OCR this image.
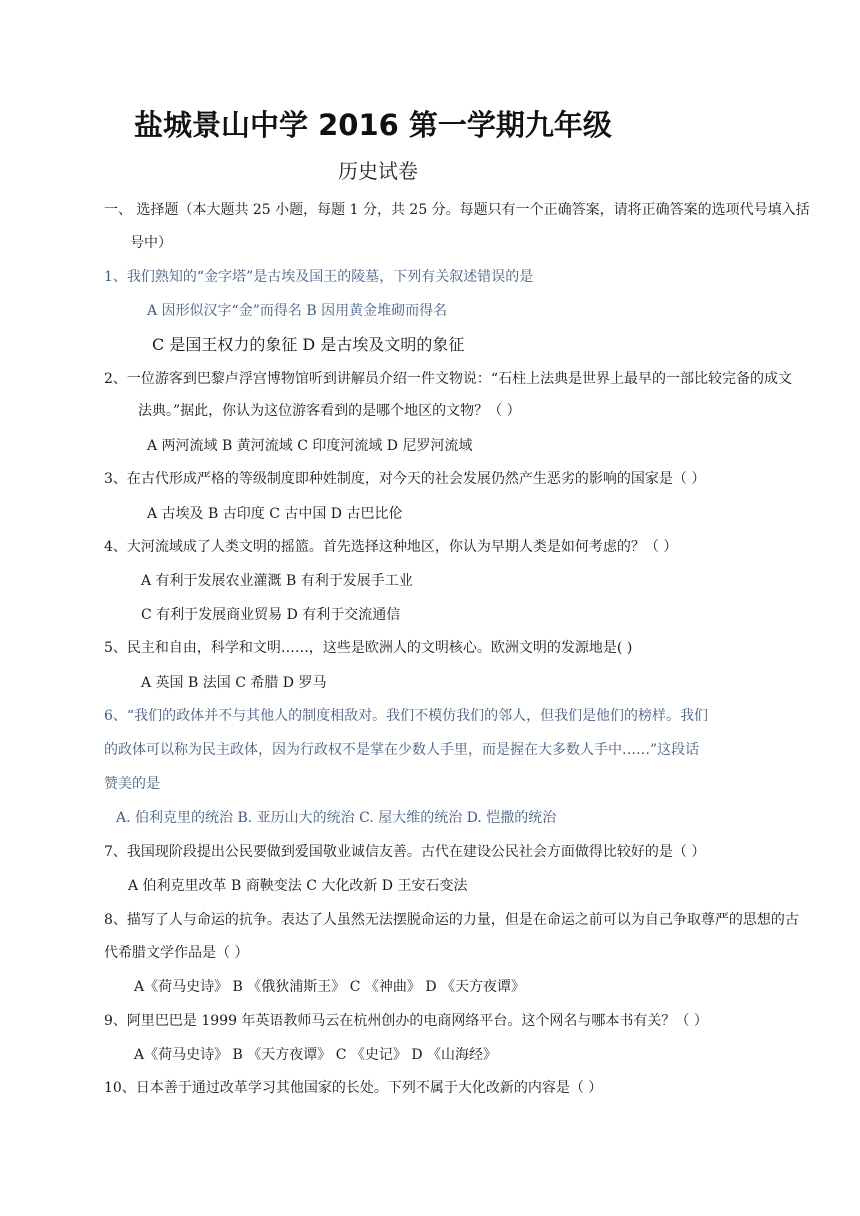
盐城景山中学 2016 第一学期九年级
历史试卷
一、 选择题（本大题共 25 小题，每题 1 分，共 25 分。每题只有一个正确答案，请将正确答案的选项代号填入括
号中）
1、我们熟知的“金字塔”是古埃及国王的陵墓，下列有关叙述错误的是
A 因形似汉字“金”而得名 B 因用黄金堆砌而得名
C 是国王权力的象征 D 是古埃及文明的象征
2、一位游客到巴黎卢浮宫博物馆听到讲解员介绍一件文物说：“石柱上法典是世界上最早的一部比较完备的成文
法典。”据此，你认为这位游客看到的是哪个地区的文物？（ ）
A 两河流域 B 黄河流域 C 印度河流域 D 尼罗河流域
3、在古代形成严格的等级制度即种姓制度，对今天的社会发展仍然产生恶劣的影响的国家是（ ）
A 古埃及 B 古印度 C 古中国 D 古巴比伦
4、大河流域成了人类文明的摇篮。首先选择这种地区，你认为早期人类是如何考虑的？（ ）
A 有利于发展农业灌溉 B 有利于发展手工业
C 有利于发展商业贸易 D 有利于交流通信
5、民主和自由，科学和文明……，这些是欧洲人的文明核心。欧洲文明的发源地是( )
A 英国 B 法国 C 希腊 D 罗马
6、“我们的政体并不与其他人的制度相敌对。我们不模仿我们的邻人，但我们是他们的榜样。我们
的政体可以称为民主政体，因为行政权不是掌在少数人手里，而是握在大多数人手中……”这段话
赞美的是
A. 伯利克里的统治 B. 亚历山大的统治 C. 屋大维的统治 D. 恺撒的统治
7、我国现阶段提出公民要做到爱国敬业诚信友善。古代在建设公民社会方面做得比较好的是（ ）
A 伯利克里改革 B 商鞅变法 C 大化改新 D 王安石变法
8、描写了人与命运的抗争。表达了人虽然无法摆脱命运的力量，但是在命运之前可以为自己争取尊严的思想的古
代希腊文学作品是（ ）
A《荷马史诗》 B 《俄狄浦斯王》 C 《神曲》 D 《天方夜谭》
9、阿里巴巴是 1999 年英语教师马云在杭州创办的电商网络平台。这个网名与哪本书有关？（ ）
A《荷马史诗》 B 《天方夜谭》 C 《史记》 D 《山海经》
10、日本善于通过改革学习其他国家的长处。下列不属于大化改新的内容是（ ）
